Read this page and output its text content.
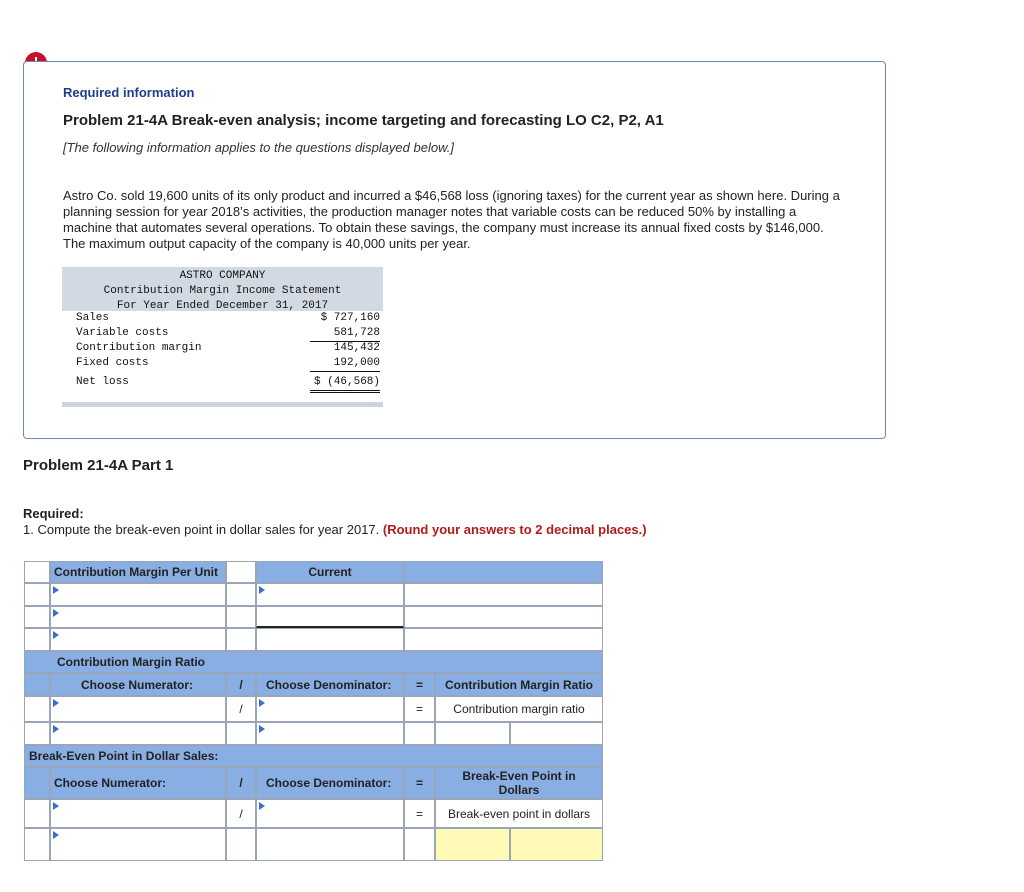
Required information
Problem 21-4A Break-even analysis; income targeting and forecasting LO C2, P2, A1
[The following information applies to the questions displayed below.]
Astro Co. sold 19,600 units of its only product and incurred a $46,568 loss (ignoring taxes) for the current year as shown here. During a planning session for year 2018’s activities, the production manager notes that variable costs can be reduced 50% by installing a machine that automates several operations. To obtain these savings, the company must increase its annual fixed costs by $146,000. The maximum output capacity of the company is 40,000 units per year.
ASTRO COMPANY
Contribution Margin Income Statement
For Year Ended December 31, 2017
Sales	$ 727,160
Variable costs	581,728
Contribution margin	145,432
Fixed costs	192,000
Net loss	$ (46,568)
Problem 21-4A Part 1
Required:
1. Compute the break-even point in dollar sales for year 2017. (Round your answers to 2 decimal places.)
Contribution Margin Per Unit	Current
Contribution Margin Ratio
Choose Numerator:	/	Choose Denominator:	=	Contribution Margin Ratio
/	=	Contribution margin ratio
Break-Even Point in Dollar Sales:
Choose Numerator:	/	Choose Denominator:	=	Break-Even Point in Dollars
/	=	Break-even point in dollars
